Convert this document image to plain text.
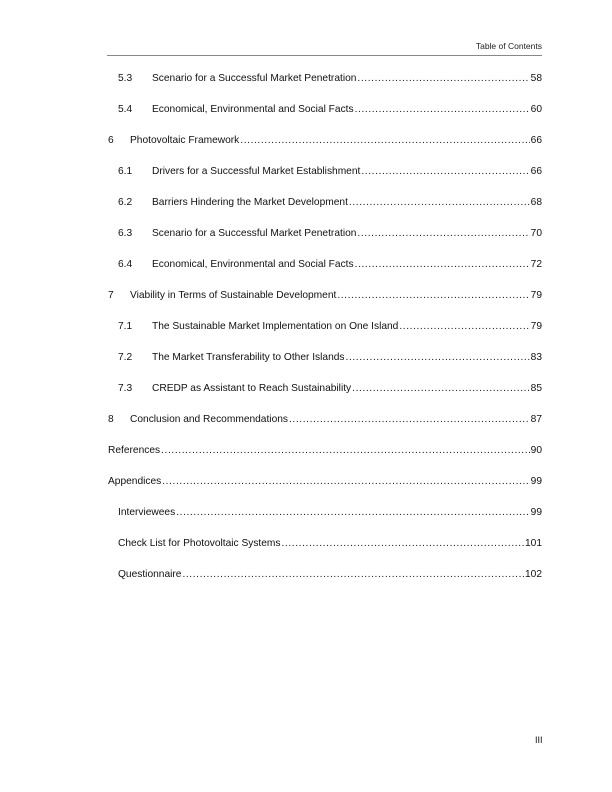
Table of Contents
5.3 Scenario for a Successful Market Penetration .....	58
5.4 Economical, Environmental and Social Facts .....	60
6 Photovoltaic Framework .....	66
6.1 Drivers for a Successful Market Establishment .....	66
6.2 Barriers Hindering the Market Development .....	68
6.3 Scenario for a Successful Market Penetration .....	70
6.4 Economical, Environmental and Social Facts .....	72
7 Viability in Terms of Sustainable Development .....	79
7.1 The Sustainable Market Implementation on One Island .....	79
7.2 The Market Transferability to Other Islands .....	83
7.3 CREDP as Assistant to Reach Sustainability .....	85
8 Conclusion and Recommendations .....	87
References .....	90
Appendices .....	99
Interviewees .....	99
Check List for Photovoltaic Systems .....	101
Questionnaire .....	102
III
